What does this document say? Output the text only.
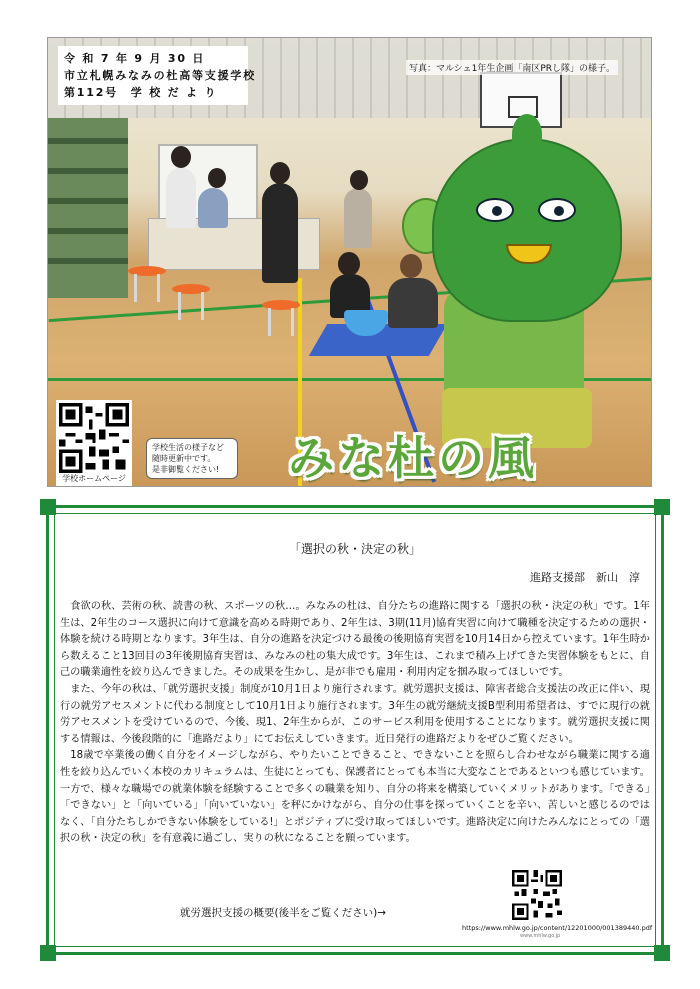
令 和 7 年 9 月 30 日
市立札幌みなみの杜高等支援学校
第112号　学 校 だ よ り
写真：マルシェ1年生企画「南区PRし隊」の様子。
学校ホームページ
学校生活の様子など
随時更新中です。
是非御覧ください! みな杜の風
「選択の秋・決定の秋」
進路支援部　新山　淳

食欲の秋、芸術の秋、読書の秋、スポーツの秋…。みなみの杜は、自分たちの進路に関する「選択の秋・決定の秋」です。1年生は、2年生のコース選択に向けて意識を高める時期であり、2年生は、3期(11月)協育実習に向けて職種を決定するための選択・体験を続ける時期となります。3年生は、自分の進路を決定づける最後の後期協育実習を10月14日から控えています。1年生時から数えること13回目の3年後期協育実習は、みなみの杜の集大成です。3年生は、これまで積み上げてきた実習体験をもとに、自己の職業適性を絞り込んできました。その成果を生かし、是が非でも雇用・利用内定を掴み取ってほしいです。

また、今年の秋は、「就労選択支援」制度が10月1日より施行されます。就労選択支援は、障害者総合支援法の改正に伴い、現行の就労アセスメントに代わる制度として10月1日より施行されます。3年生の就労継続支援B型利用希望者は、すでに現行の就労アセスメントを受けているので、今後、現1、2年生からが、このサービス利用を使用することになります。就労選択支援に関する情報は、今後段階的に「進路だより」にてお伝えしていきます。近日発行の進路だよりをぜひご覧ください。

18歳で卒業後の働く自分をイメージしながら、やりたいことできること、できないことを照らし合わせながら職業に関する適性を絞り込んでいく本校のカリキュラムは、生徒にとっても、保護者にとっても本当に大変なことであるといつも感じています。一方で、様々な職場での就業体験を経験することで多くの職業を知り、自分の将来を構築していくメリットがあります。「できる」「できない」と「向いている」「向いていない」を秤にかけながら、自分の仕事を探っていくことを辛い、苦しいと感じるのではなく、「自分たちしかできない体験をしている!」とポジティブに受け取ってほしいです。進路決定に向けたみんなにとっての「選択の秋・決定の秋」を有意義に過ごし、実りの秋になることを願っています。

就労選択支援の概要(後半をご覧ください)→
https://www.mhlw.go.jp/content/12201000/001389440.pdf
www.mhlw.go.jp
